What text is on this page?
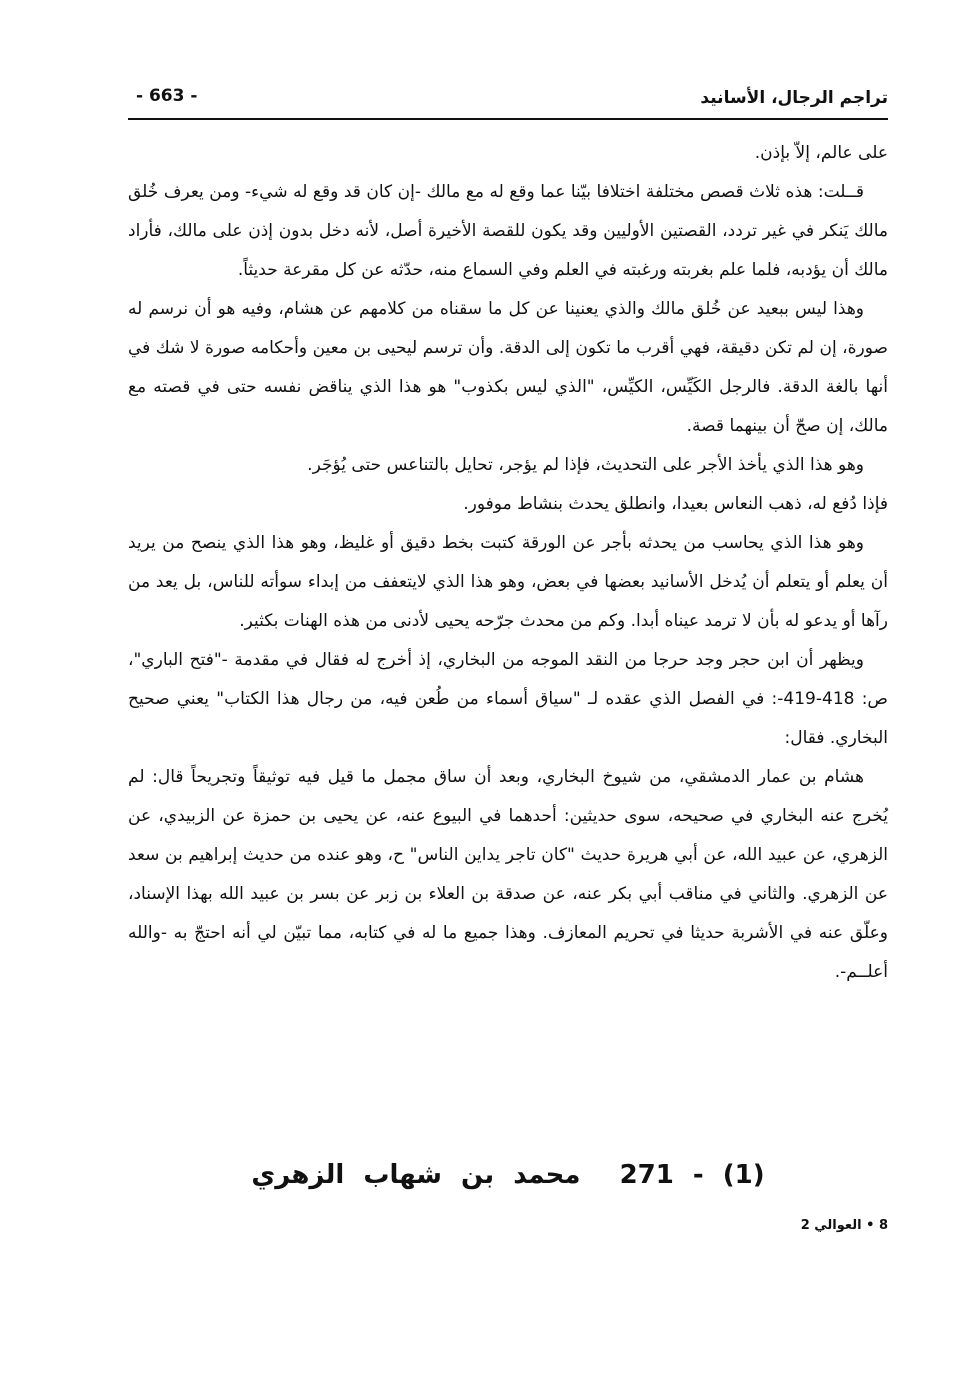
تراجم الرجال، الأسانيد
- 663 -

على عالم، إلاّ بإذن.

قــلت: هذه ثلاث قصص مختلفة اختلافا بيّنا عما وقع له مع مالك -إن كان قد وقع له شيء- ومن يعرف خُلق مالك يَنكر في غير تردد، القصتين الأوليين وقد يكون للقصة الأخيرة أصل، لأنه دخل بدون إذن على مالك، فأراد مالك أن يؤدبه، فلما علم بغربته ورغبته في العلم وفي السماع منه، حدّثه عن كل مقرعة حديثاً.

وهذا ليس ببعيد عن خُلق مالك والذي يعنينا عن كل ما سقناه من كلامهم عن هشام، وفيه هو أن نرسم له صورة، إن لم تكن دقيقة، فهي أقرب ما تكون إلى الدقة. وأن ترسم ليحيى بن معين وأحكامه صورة لا شك في أنها بالغة الدقة. فالرجل الكَيِّس، الكيِّس، "الذي ليس بكذوب" هو هذا الذي يناقض نفسه حتى في قصته مع مالك، إن صحّ أن بينهما قصة.

وهو هذا الذي يأخذ الأجر على التحديث، فإذا لم يؤجر، تحايل بالتناعس حتى يُؤجَر.

فإذا دُفع له، ذهب النعاس بعيدا، وانطلق يحدث بنشاط موفور.

وهو هذا الذي يحاسب من يحدثه بأجر عن الورقة كتبت بخط دقيق أو غليظ، وهو هذا الذي ينصح من يريد أن يعلم أو يتعلم أن يُدخل الأسانيد بعضها في بعض، وهو هذا الذي لايتعفف من إبداء سوأته للناس، بل يعد من رآها أو يدعو له بأن لا ترمد عيناه أبدا. وكم من محدث جرّحه يحيى لأدنى من هذه الهنات بكثير.

ويظهر أن ابن حجر وجد حرجا من النقد الموجه من البخاري، إذ أخرج له فقال في مقدمة -"فتح الباري"، ص: 418-419-: في الفصل الذي عقده لـ "سياق أسماء من طُعن فيه، من رجال هذا الكتاب" يعني صحيح البخاري. فقال:

هشام بن عمار الدمشقي، من شيوخ البخاري، وبعد أن ساق مجمل ما قيل فيه توثيقاً وتجريحاً قال: لم يُخرج عنه البخاري في صحيحه، سوى حديثين: أحدهما في البيوع عنه، عن يحيى بن حمزة عن الزبيدي، عن الزهري، عن عبيد الله، عن أبي هريرة حديث "كان تاجر يداين الناس" ح، وهو عنده من حديث إبراهيم بن سعد عن الزهري. والثاني في مناقب أبي بكر عنه، عن صدقة بن العلاء بن زبر عن بسر بن عبيد الله بهذا الإسناد، وعلّق عنه في الأشربة حديثا في تحريم المعازف. وهذا جميع ما له في كتابه، مما تبيّن لي أنه احتجّ به -والله أعلــم-.

271 - (1) محمد بن شهاب الزهري
8 • العوالي 2
